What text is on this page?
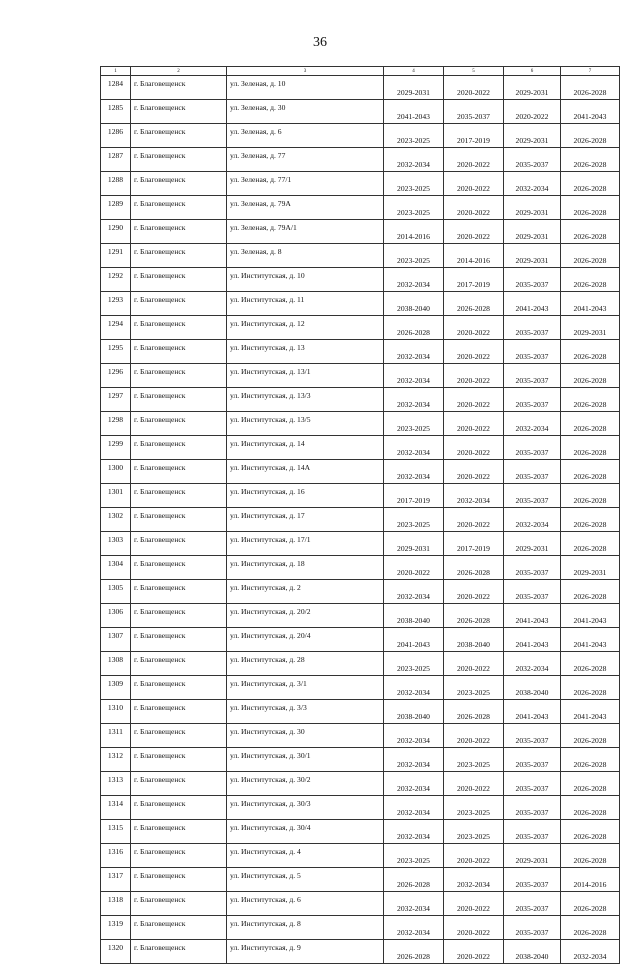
36
1	2	3	4	5	6	7
1284	г. Благовещенск	ул. Зеленая, д. 10	2029-2031	2020-2022	2029-2031	2026-2028
1285	г. Благовещенск	ул. Зеленая, д. 30	2041-2043	2035-2037	2020-2022	2041-2043
1286	г. Благовещенск	ул. Зеленая, д. 6	2023-2025	2017-2019	2029-2031	2026-2028
1287	г. Благовещенск	ул. Зеленая, д. 77	2032-2034	2020-2022	2035-2037	2026-2028
1288	г. Благовещенск	ул. Зеленая, д. 77/1	2023-2025	2020-2022	2032-2034	2026-2028
1289	г. Благовещенск	ул. Зеленая, д. 79А	2023-2025	2020-2022	2029-2031	2026-2028
1290	г. Благовещенск	ул. Зеленая, д. 79А/1	2014-2016	2020-2022	2029-2031	2026-2028
1291	г. Благовещенск	ул. Зеленая, д. 8	2023-2025	2014-2016	2029-2031	2026-2028
1292	г. Благовещенск	ул. Институтская, д. 10	2032-2034	2017-2019	2035-2037	2026-2028
1293	г. Благовещенск	ул. Институтская, д. 11	2038-2040	2026-2028	2041-2043	2041-2043
1294	г. Благовещенск	ул. Институтская, д. 12	2026-2028	2020-2022	2035-2037	2029-2031
1295	г. Благовещенск	ул. Институтская, д. 13	2032-2034	2020-2022	2035-2037	2026-2028
1296	г. Благовещенск	ул. Институтская, д. 13/1	2032-2034	2020-2022	2035-2037	2026-2028
1297	г. Благовещенск	ул. Институтская, д. 13/3	2032-2034	2020-2022	2035-2037	2026-2028
1298	г. Благовещенск	ул. Институтская, д. 13/5	2023-2025	2020-2022	2032-2034	2026-2028
1299	г. Благовещенск	ул. Институтская, д. 14	2032-2034	2020-2022	2035-2037	2026-2028
1300	г. Благовещенск	ул. Институтская, д. 14А	2032-2034	2020-2022	2035-2037	2026-2028
1301	г. Благовещенск	ул. Институтская, д. 16	2017-2019	2032-2034	2035-2037	2026-2028
1302	г. Благовещенск	ул. Институтская, д. 17	2023-2025	2020-2022	2032-2034	2026-2028
1303	г. Благовещенск	ул. Институтская, д. 17/1	2029-2031	2017-2019	2029-2031	2026-2028
1304	г. Благовещенск	ул. Институтская, д. 18	2020-2022	2026-2028	2035-2037	2029-2031
1305	г. Благовещенск	ул. Институтская, д. 2	2032-2034	2020-2022	2035-2037	2026-2028
1306	г. Благовещенск	ул. Институтская, д. 20/2	2038-2040	2026-2028	2041-2043	2041-2043
1307	г. Благовещенск	ул. Институтская, д. 20/4	2041-2043	2038-2040	2041-2043	2041-2043
1308	г. Благовещенск	ул. Институтская, д. 28	2023-2025	2020-2022	2032-2034	2026-2028
1309	г. Благовещенск	ул. Институтская, д. 3/1	2032-2034	2023-2025	2038-2040	2026-2028
1310	г. Благовещенск	ул. Институтская, д. 3/3	2038-2040	2026-2028	2041-2043	2041-2043
1311	г. Благовещенск	ул. Институтская, д. 30	2032-2034	2020-2022	2035-2037	2026-2028
1312	г. Благовещенск	ул. Институтская, д. 30/1	2032-2034	2023-2025	2035-2037	2026-2028
1313	г. Благовещенск	ул. Институтская, д. 30/2	2032-2034	2020-2022	2035-2037	2026-2028
1314	г. Благовещенск	ул. Институтская, д. 30/3	2032-2034	2023-2025	2035-2037	2026-2028
1315	г. Благовещенск	ул. Институтская, д. 30/4	2032-2034	2023-2025	2035-2037	2026-2028
1316	г. Благовещенск	ул. Институтская, д. 4	2023-2025	2020-2022	2029-2031	2026-2028
1317	г. Благовещенск	ул. Институтская, д. 5	2026-2028	2032-2034	2035-2037	2014-2016
1318	г. Благовещенск	ул. Институтская, д. 6	2032-2034	2020-2022	2035-2037	2026-2028
1319	г. Благовещенск	ул. Институтская, д. 8	2032-2034	2020-2022	2035-2037	2026-2028
1320	г. Благовещенск	ул. Институтская, д. 9	2026-2028	2020-2022	2038-2040	2032-2034
